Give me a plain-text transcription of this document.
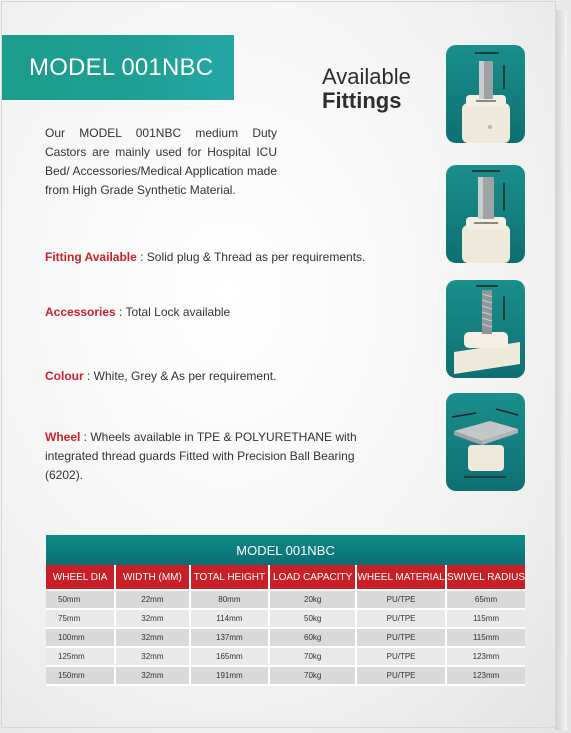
MODEL 001NBC	Available
Fittings
Our MODEL 001NBC medium Duty Castors are mainly used for Hospital ICU Bed/ Accessories/Medical Application made from High Grade Synthetic Material.
Fitting Available : Solid plug & Thread as per requirements.
Accessories : Total Lock available
Colour : White, Grey & As per requirement.
Wheel : Wheels available in TPE & POLYURETHANE with integrated thread guards Fitted with Precision Ball Bearing (6202).
MODEL 001NBC					
WHEEL DIA	WIDTH (MM)	TOTAL HEIGHT	LOAD CAPACITY	WHEEL MATERIAL	SWIVEL RADIUS
50mm	22mm	80mm	20kg	PU/TPE	65mm
75mm	32mm	114mm	50kg	PU/TPE	115mm
100mm	32mm	137mm	60kg	PU/TPE	115mm
125mm	32mm	165mm	70kg	PU/TPE	123mm
150mm	32mm	191mm	70kg	PU/TPE	123mm
